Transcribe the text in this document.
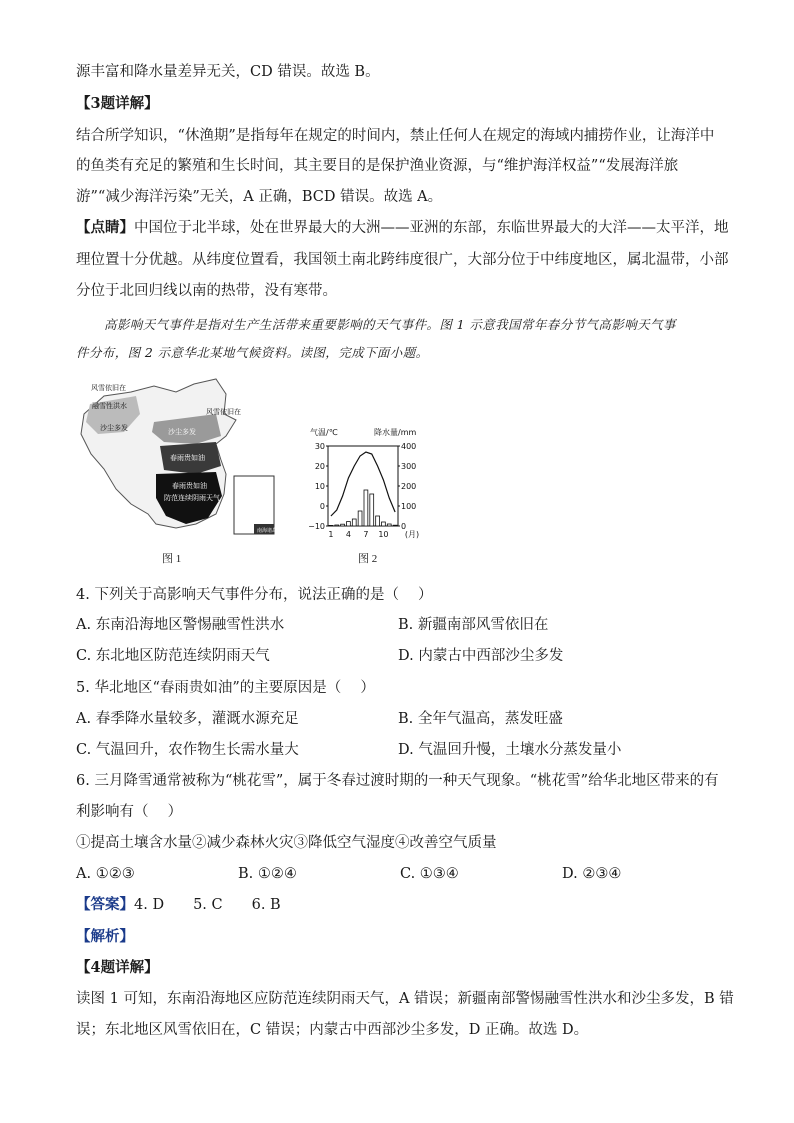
源丰富和降水量差异无关，CD 错误。故选 B。
【3题详解】
结合所学知识，“休渔期”是指每年在规定的时间内，禁止任何人在规定的海域内捕捞作业，让海洋中
的鱼类有充足的繁殖和生长时间，其主要目的是保护渔业资源，与“维护海洋权益”“发展海洋旅
游”“减少海洋污染”无关，A 正确，BCD 错误。故选 A。
【点睛】中国位于北半球，处在世界最大的大洲——亚洲的东部，东临世界最大的大洋——太平洋，地
理位置十分优越。从纬度位置看，我国领土南北跨纬度很广，大部分位于中纬度地区，属北温带，小部
分位于北回归线以南的热带，没有寒带。
高影响天气事件是指对生产生活带来重要影响的天气事件。图 1 示意我国常年春分节气高影响天气事
件分布，图 2 示意华北某地气候资料。读图，完成下面小题。
风雪依旧在
融雪性洪水
沙尘多发
风雪依旧在
沙尘多发
春雨贵如油
春雨贵如油
防范连续阴雨天气
南海诸岛
图 1
气温/℃	降水量/mm
30
20
10
0
−10
400
300
200
100
0
1 4 7 10 (月)
图 2
4. 下列关于高影响天气事件分布，说法正确的是（　 ）
A. 东南沿海地区警惕融雪性洪水	B. 新疆南部风雪依旧在
C. 东北地区防范连续阴雨天气	D. 内蒙古中西部沙尘多发
5. 华北地区“春雨贵如油”的主要原因是（　 ）
A. 春季降水量较多，灌溉水源充足	B. 全年气温高，蒸发旺盛
C. 气温回升，农作物生长需水量大	D. 气温回升慢，土壤水分蒸发量小
6. 三月降雪通常被称为“桃花雪”，属于冬春过渡时期的一种天气现象。“桃花雪”给华北地区带来的有
利影响有（　 ）
①提高土壤含水量②减少森林火灾③降低空气湿度④改善空气质量
A. ①②③	B. ①②④	C. ①③④	D. ②③④
【答案】4. D　　5. C　　6. B
【解析】
【4题详解】
读图 1 可知，东南沿海地区应防范连续阴雨天气，A 错误；新疆南部警惕融雪性洪水和沙尘多发，B 错
误；东北地区风雪依旧在，C 错误；内蒙古中西部沙尘多发，D 正确。故选 D。
